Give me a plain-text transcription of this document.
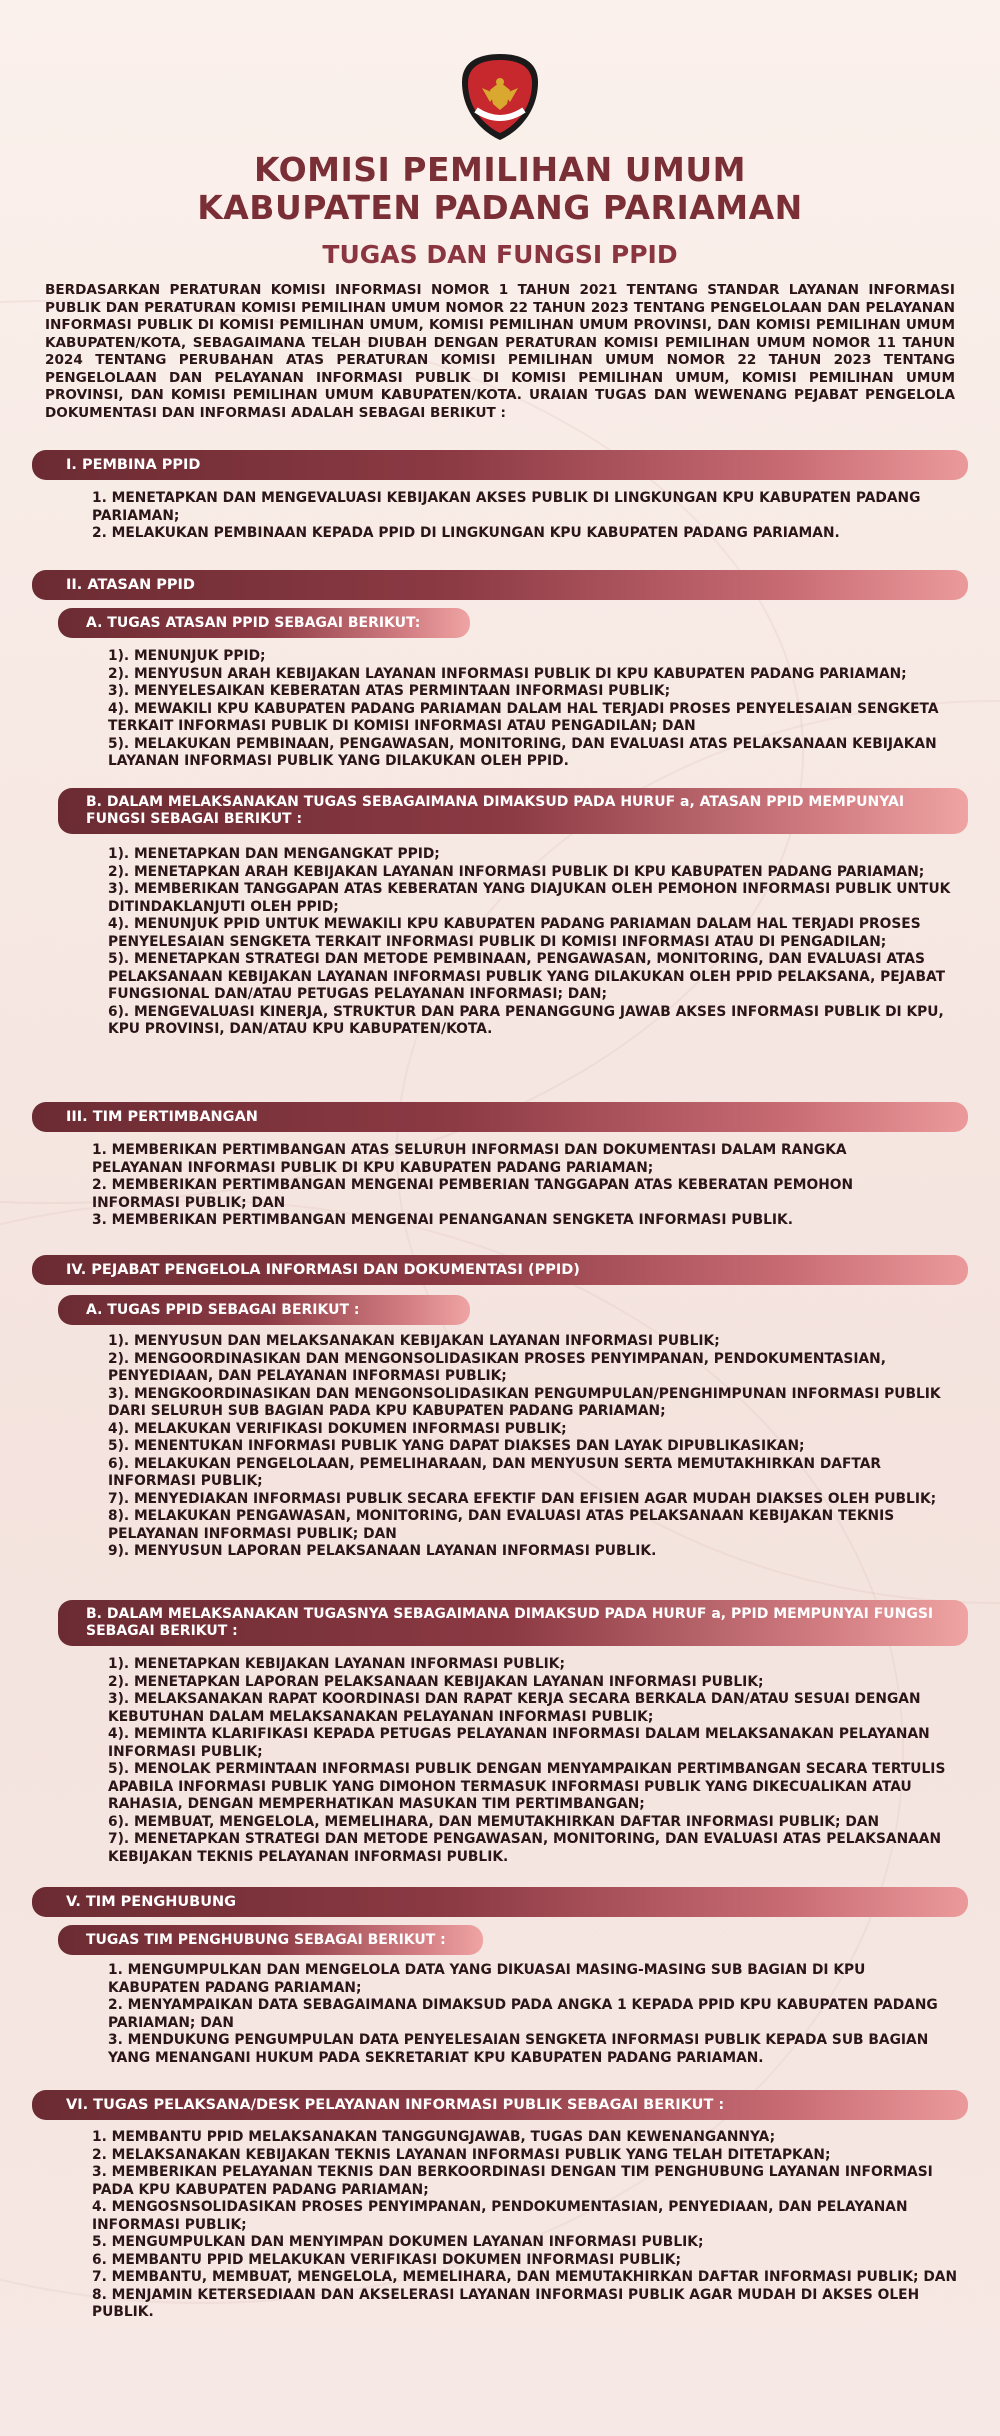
KOMISI PEMILIHAN UMUM
KABUPATEN PADANG PARIAMAN
TUGAS DAN FUNGSI PPID

BERDASARKAN PERATURAN KOMISI INFORMASI NOMOR 1 TAHUN 2021 TENTANG STANDAR LAYANAN INFORMASI PUBLIK DAN PERATURAN KOMISI PEMILIHAN UMUM NOMOR 22 TAHUN 2023 TENTANG PENGELOLAAN DAN PELAYANAN INFORMASI PUBLIK DI KOMISI PEMILIHAN UMUM, KOMISI PEMILIHAN UMUM PROVINSI, DAN KOMISI PEMILIHAN UMUM KABUPATEN/KOTA, SEBAGAIMANA TELAH DIUBAH DENGAN PERATURAN KOMISI PEMILIHAN UMUM NOMOR 11 TAHUN 2024 TENTANG PERUBAHAN ATAS PERATURAN KOMISI PEMILIHAN UMUM NOMOR 22 TAHUN 2023 TENTANG PENGELOLAAN DAN PELAYANAN INFORMASI PUBLIK DI KOMISI PEMILIHAN UMUM, KOMISI PEMILIHAN UMUM PROVINSI, DAN KOMISI PEMILIHAN UMUM KABUPATEN/KOTA. URAIAN TUGAS DAN WEWENANG PEJABAT PENGELOLA DOKUMENTASI DAN INFORMASI ADALAH SEBAGAI BERIKUT :

I. PEMBINA PPID
1. MENETAPKAN DAN MENGEVALUASI KEBIJAKAN AKSES PUBLIK DI LINGKUNGAN KPU KABUPATEN PADANG PARIAMAN;
2. MELAKUKAN PEMBINAAN KEPADA PPID DI LINGKUNGAN KPU KABUPATEN PADANG PARIAMAN.
II. ATASAN PPID
A. TUGAS ATASAN PPID SEBAGAI BERIKUT:
1). MENUNJUK PPID;
2). MENYUSUN ARAH KEBIJAKAN LAYANAN INFORMASI PUBLIK DI KPU KABUPATEN PADANG PARIAMAN;
3). MENYELESAIKAN KEBERATAN ATAS PERMINTAAN INFORMASI PUBLIK;
4). MEWAKILI KPU KABUPATEN PADANG PARIAMAN DALAM HAL TERJADI PROSES PENYELESAIAN SENGKETA TERKAIT INFORMASI PUBLIK DI KOMISI INFORMASI ATAU PENGADILAN; DAN
5). MELAKUKAN PEMBINAAN, PENGAWASAN, MONITORING, DAN EVALUASI ATAS PELAKSANAAN KEBIJAKAN LAYANAN INFORMASI PUBLIK YANG DILAKUKAN OLEH PPID.
B. DALAM MELAKSANAKAN TUGAS SEBAGAIMANA DIMAKSUD PADA HURUF a, ATASAN PPID MEMPUNYAI FUNGSI SEBAGAI BERIKUT :
1). MENETAPKAN DAN MENGANGKAT PPID;
2). MENETAPKAN ARAH KEBIJAKAN LAYANAN INFORMASI PUBLIK DI KPU KABUPATEN PADANG PARIAMAN;
3). MEMBERIKAN TANGGAPAN ATAS KEBERATAN YANG DIAJUKAN OLEH PEMOHON INFORMASI PUBLIK UNTUK DITINDAKLANJUTI OLEH PPID;
4). MENUNJUK PPID UNTUK MEWAKILI KPU KABUPATEN PADANG PARIAMAN DALAM HAL TERJADI PROSES PENYELESAIAN SENGKETA TERKAIT INFORMASI PUBLIK DI KOMISI INFORMASI ATAU DI PENGADILAN;
5). MENETAPKAN STRATEGI DAN METODE PEMBINAAN, PENGAWASAN, MONITORING, DAN EVALUASI ATAS PELAKSANAAN KEBIJAKAN LAYANAN INFORMASI PUBLIK YANG DILAKUKAN OLEH PPID PELAKSANA, PEJABAT FUNGSIONAL DAN/ATAU PETUGAS PELAYANAN INFORMASI; DAN;
6). MENGEVALUASI KINERJA, STRUKTUR DAN PARA PENANGGUNG JAWAB AKSES INFORMASI PUBLIK DI KPU, KPU PROVINSI, DAN/ATAU KPU KABUPATEN/KOTA.
III. TIM PERTIMBANGAN
1. MEMBERIKAN PERTIMBANGAN ATAS SELURUH INFORMASI DAN DOKUMENTASI DALAM RANGKA PELAYANAN INFORMASI PUBLIK DI KPU KABUPATEN PADANG PARIAMAN;
2. MEMBERIKAN PERTIMBANGAN MENGENAI PEMBERIAN TANGGAPAN ATAS KEBERATAN PEMOHON INFORMASI PUBLIK; DAN
3. MEMBERIKAN PERTIMBANGAN MENGENAI PENANGANAN SENGKETA INFORMASI PUBLIK.
IV. PEJABAT PENGELOLA INFORMASI DAN DOKUMENTASI (PPID)
A. TUGAS PPID SEBAGAI BERIKUT :
1). MENYUSUN DAN MELAKSANAKAN KEBIJAKAN LAYANAN INFORMASI PUBLIK;
2). MENGOORDINASIKAN DAN MENGONSOLIDASIKAN PROSES PENYIMPANAN, PENDOKUMENTASIAN, PENYEDIAAN, DAN PELAYANAN INFORMASI PUBLIK;
3). MENGKOORDINASIKAN DAN MENGONSOLIDASIKAN PENGUMPULAN/PENGHIMPUNAN INFORMASI PUBLIK DARI SELURUH SUB BAGIAN PADA KPU KABUPATEN PADANG PARIAMAN;
4). MELAKUKAN VERIFIKASI DOKUMEN INFORMASI PUBLIK;
5). MENENTUKAN INFORMASI PUBLIK YANG DAPAT DIAKSES DAN LAYAK DIPUBLIKASIKAN;
6). MELAKUKAN PENGELOLAAN, PEMELIHARAAN, DAN MENYUSUN SERTA MEMUTAKHIRKAN DAFTAR INFORMASI PUBLIK;
7). MENYEDIAKAN INFORMASI PUBLIK SECARA EFEKTIF DAN EFISIEN AGAR MUDAH DIAKSES OLEH PUBLIK;
8). MELAKUKAN PENGAWASAN, MONITORING, DAN EVALUASI ATAS PELAKSANAAN KEBIJAKAN TEKNIS PELAYANAN INFORMASI PUBLIK; DAN
9). MENYUSUN LAPORAN PELAKSANAAN LAYANAN INFORMASI PUBLIK.
B. DALAM MELAKSANAKAN TUGASNYA SEBAGAIMANA DIMAKSUD PADA HURUF a, PPID MEMPUNYAI FUNGSI SEBAGAI BERIKUT :
1). MENETAPKAN KEBIJAKAN LAYANAN INFORMASI PUBLIK;
2). MENETAPKAN LAPORAN PELAKSANAAN KEBIJAKAN LAYANAN INFORMASI PUBLIK;
3). MELAKSANAKAN RAPAT KOORDINASI DAN RAPAT KERJA SECARA BERKALA DAN/ATAU SESUAI DENGAN KEBUTUHAN DALAM MELAKSANAKAN PELAYANAN INFORMASI PUBLIK;
4). MEMINTA KLARIFIKASI KEPADA PETUGAS PELAYANAN INFORMASI DALAM MELAKSANAKAN PELAYANAN INFORMASI PUBLIK;
5). MENOLAK PERMINTAAN INFORMASI PUBLIK DENGAN MENYAMPAIKAN PERTIMBANGAN SECARA TERTULIS APABILA INFORMASI PUBLIK YANG DIMOHON TERMASUK INFORMASI PUBLIK YANG DIKECUALIKAN ATAU RAHASIA, DENGAN MEMPERHATIKAN MASUKAN TIM PERTIMBANGAN;
6). MEMBUAT, MENGELOLA, MEMELIHARA, DAN MEMUTAKHIRKAN DAFTAR INFORMASI PUBLIK; DAN
7). MENETAPKAN STRATEGI DAN METODE PENGAWASAN, MONITORING, DAN EVALUASI ATAS PELAKSANAAN KEBIJAKAN TEKNIS PELAYANAN INFORMASI PUBLIK.
V. TIM PENGHUBUNG
TUGAS TIM PENGHUBUNG SEBAGAI BERIKUT :
1. MENGUMPULKAN DAN MENGELOLA DATA YANG DIKUASAI MASING-MASING SUB BAGIAN DI KPU KABUPATEN PADANG PARIAMAN;
2. MENYAMPAIKAN DATA SEBAGAIMANA DIMAKSUD PADA ANGKA 1 KEPADA PPID KPU KABUPATEN PADANG PARIAMAN; DAN
3. MENDUKUNG PENGUMPULAN DATA PENYELESAIAN SENGKETA INFORMASI PUBLIK KEPADA SUB BAGIAN YANG MENANGANI HUKUM PADA SEKRETARIAT KPU KABUPATEN PADANG PARIAMAN.
VI. TUGAS PELAKSANA/DESK PELAYANAN INFORMASI PUBLIK SEBAGAI BERIKUT :
1. MEMBANTU PPID MELAKSANAKAN TANGGUNGJAWAB, TUGAS DAN KEWENANGANNYA;
2. MELAKSANAKAN KEBIJAKAN TEKNIS LAYANAN INFORMASI PUBLIK YANG TELAH DITETAPKAN;
3. MEMBERIKAN PELAYANAN TEKNIS DAN BERKOORDINASI DENGAN TIM PENGHUBUNG LAYANAN INFORMASI PADA KPU KABUPATEN PADANG PARIAMAN;
4. MENGOSNSOLIDASIKAN PROSES PENYIMPANAN, PENDOKUMENTASIAN, PENYEDIAAN, DAN PELAYANAN INFORMASI PUBLIK;
5. MENGUMPULKAN DAN MENYIMPAN DOKUMEN LAYANAN INFORMASI PUBLIK;
6. MEMBANTU PPID MELAKUKAN VERIFIKASI DOKUMEN INFORMASI PUBLIK;
7. MEMBANTU, MEMBUAT, MENGELOLA, MEMELIHARA, DAN MEMUTAKHIRKAN DAFTAR INFORMASI PUBLIK; DAN
8. MENJAMIN KETERSEDIAAN DAN AKSELERASI LAYANAN INFORMASI PUBLIK AGAR MUDAH DI AKSES OLEH PUBLIK.
